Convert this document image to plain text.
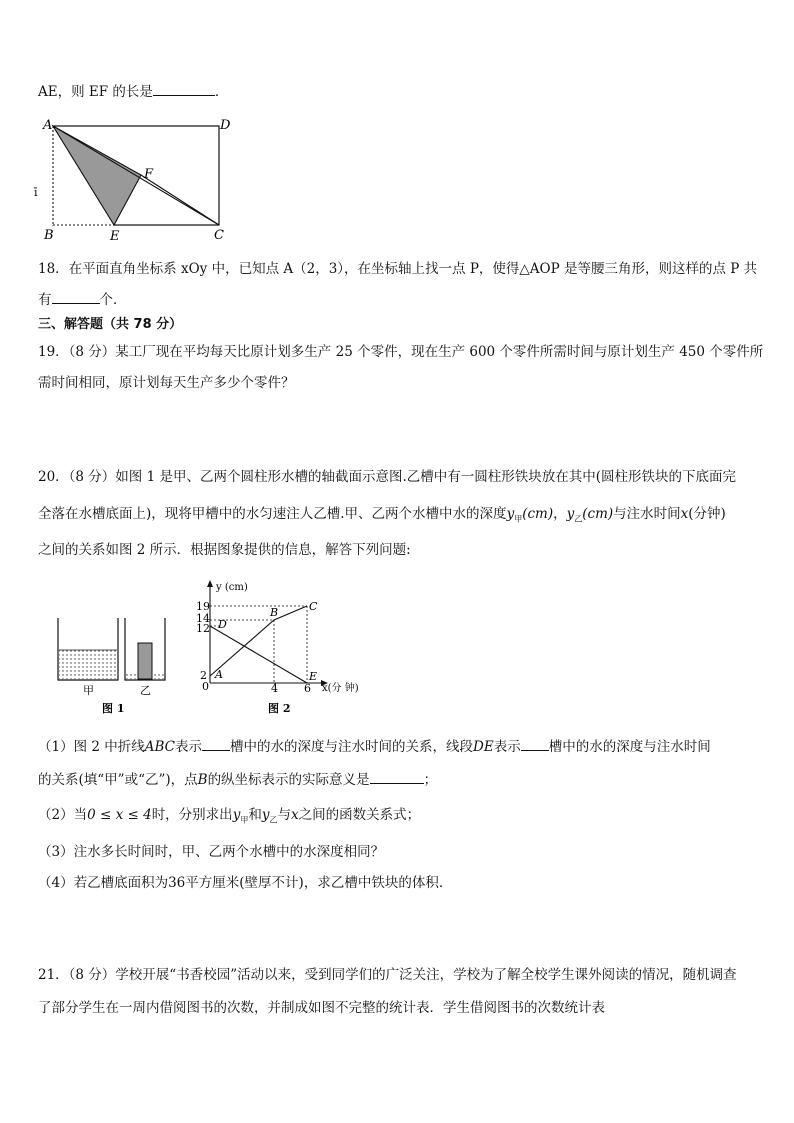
AE，则 EF 的长是	．
A	D
B	E	C
F
ī
18．在平面直角坐标系 xOy 中，已知点 A（2，3），在坐标轴上找一点 P，使得△AOP 是等腰三角形，则这样的点 P 共
有	个．
三、解答题（共 78 分）
19．（8 分）某工厂现在平均每天比原计划多生产 25 个零件，现在生产 600 个零件所需时间与原计划生产 450 个零件所
需时间相同，原计划每天生产多少个零件？
20．（8 分）如图 1 是甲、乙两个圆柱形水槽的轴截面示意图.乙槽中有一圆柱形铁块放在其中(圆柱形铁块的下底面完
全落在水槽底面上)，现将甲槽中的水匀速注人乙槽.甲、乙两个水槽中水的深度$y_甲(cm)$，$y_乙(cm)$与注水时间x(分钟)
之间的关系如图 2 所示．根据图象提供的信息，解答下列问题:
甲	乙
图 1
19
14
12
2
0	4 6
y (cm)
x(分 钟)
A
B	C
D
E
图 2
（1）图 2 中折线ABC表示 槽中的水的深度与注水时间的关系，线段DE表示 槽中的水的深度与注水时间
的关系(填“甲”或“乙”)，点B的纵坐标表示的实际意义是	；
（2）当0 ≤ x ≤ 4时，分别求出$y_甲$和$y_乙$与x之间的函数关系式；
（3）注水多长时间时，甲、乙两个水槽中的水深度相同？
（4）若乙槽底面积为36平方厘米(壁厚不计)，求乙槽中铁块的体积．
21．（8 分）学校开展“书香校园”活动以来，受到同学们的广泛关注，学校为了解全校学生课外阅读的情况，随机调查
了部分学生在一周内借阅图书的次数，并制成如图不完整的统计表．学生借阅图书的次数统计表
